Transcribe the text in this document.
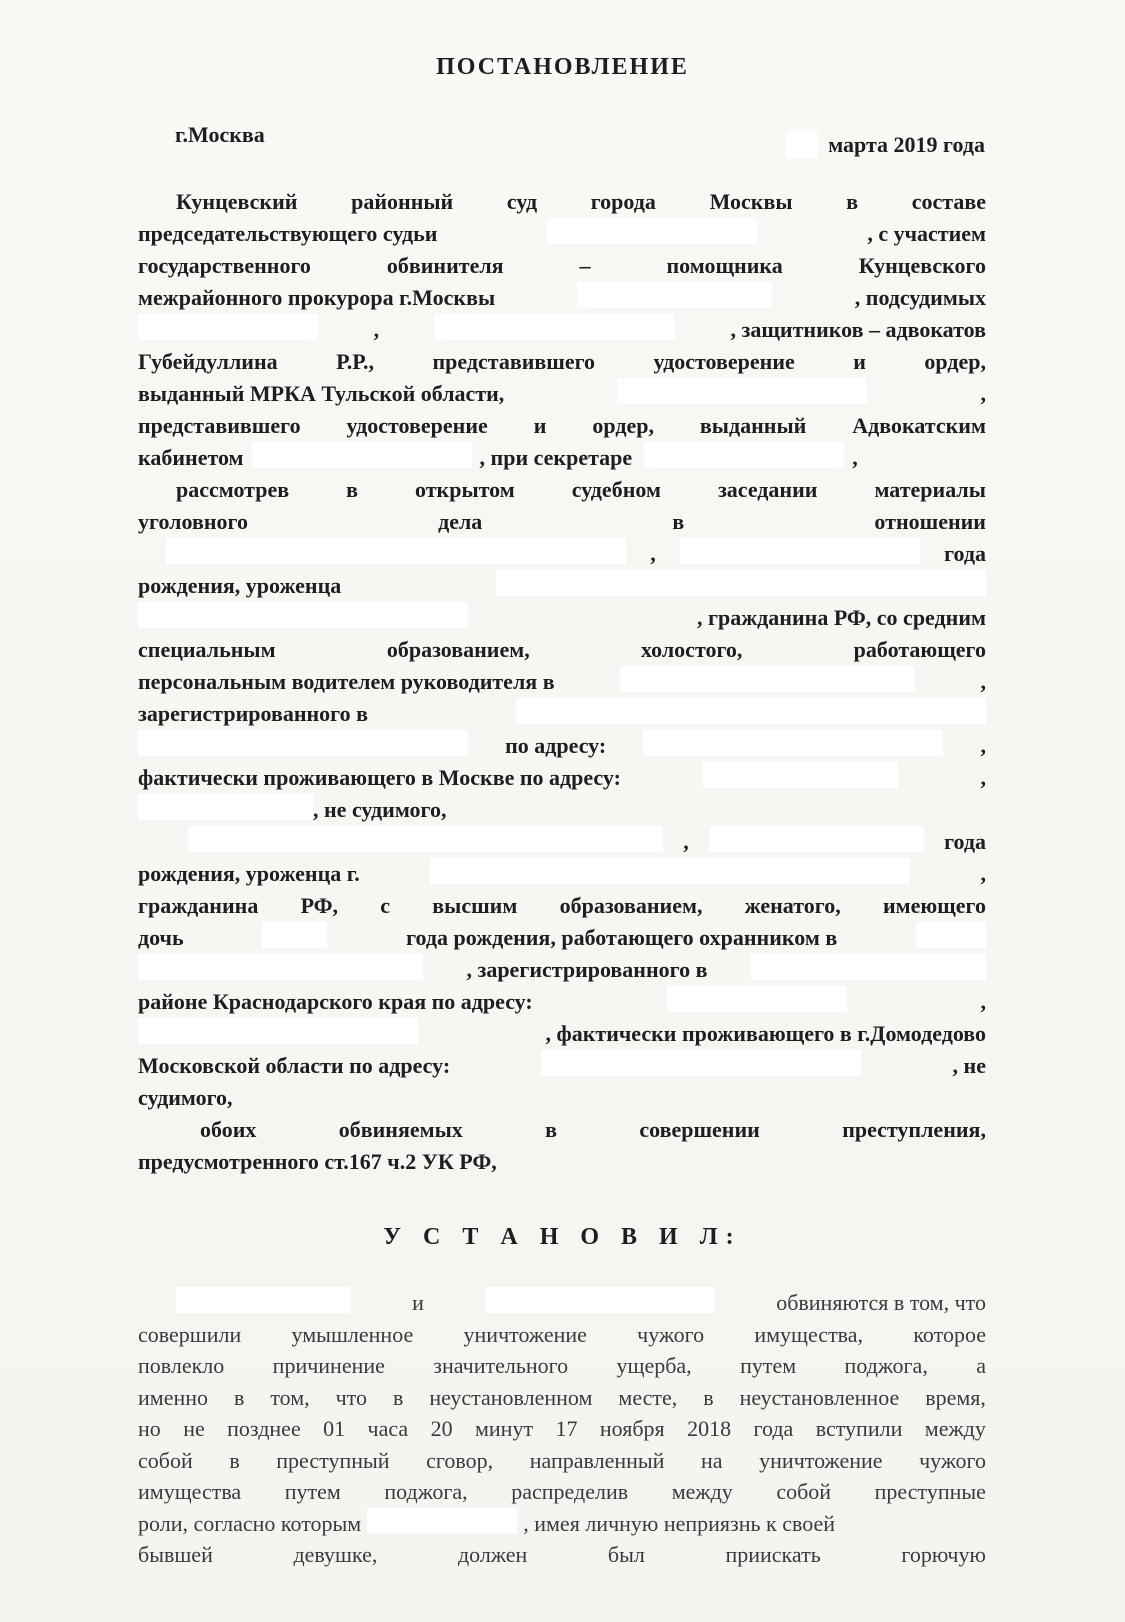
ПОСТАНОВЛЕНИЕ
г.Москва	марта 2019 года
Кунцевский районный суд города Москвы в составе
председательствующего судьи	, с участием
государственного	обвинителя	–	помощника	Кунцевского
межрайонного прокурора г.Москвы	, подсудимых
,	, защитников – адвокатов
Губейдуллина	Р.Р.,	представившего	удостоверение	и	ордер,
выданный МРКА Тульской области,	,
представившего удостоверение и ордер, выданный Адвокатским
кабинетом	, при секретаре	,
рассмотрев	в	открытом	судебном	заседании	материалы
уголовного	дела	в	отношении
,	года
рождения, уроженца
, гражданина РФ, со средним
специальным	образованием,	холостого,	работающего
персональным водителем руководителя в	,
зарегистрированного в
по адресу:	,
фактически проживающего в Москве по адресу:	,
, не судимого,
,	года
рождения, уроженца г.	,
гражданина РФ, с высшим образованием, женатого, имеющего
дочь	года рождения, работающего охранником в
, зарегистрированного в
районе Краснодарского края по адресу:	,
, фактически проживающего в г.Домодедово
Московской области по адресу:	, не
судимого,
обоих	обвиняемых	в	совершении	преступления,
предусмотренного ст.167 ч.2 УК РФ,
У С Т А Н О В И Л:
и	обвиняются в том, что
совершили умышленное уничтожение чужого имущества, которое
повлекло причинение значительного ущерба, путем поджога, а
именно в том, что в неустановленном месте, в неустановленное время,
но не позднее 01 часа 20 минут 17 ноября 2018 года вступили между
собой в преступный сговор, направленный на уничтожение чужого
имущества путем поджога, распределив между собой преступные
роли, согласно которым	, имея личную неприязнь к своей
бывшей	девушке,	должен	был	приискать	горючую
